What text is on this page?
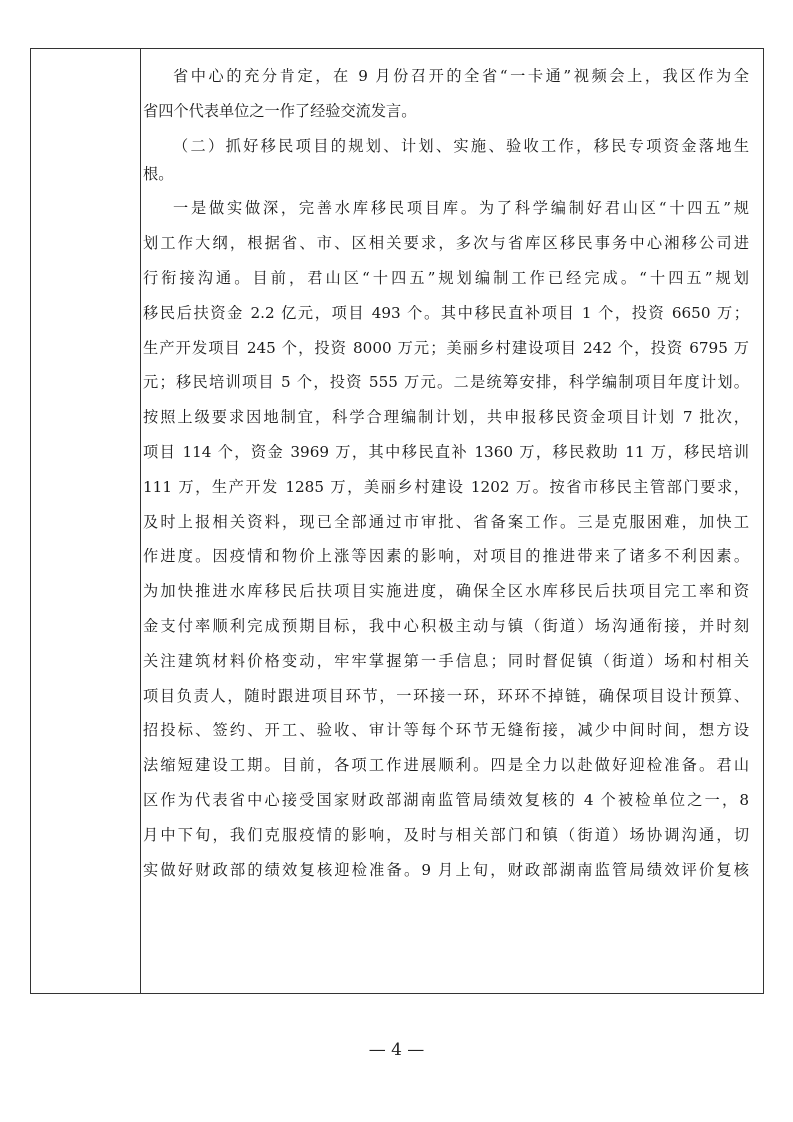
省中心的充分肯定，在 9 月份召开的全省“一卡通”视频会上，我区作为全
省四个代表单位之一作了经验交流发言。
（二）抓好移民项目的规划、计划、实施、验收工作，移民专项资金落地生
根。
一是做实做深，完善水库移民项目库。为了科学编制好君山区“十四五”规
划工作大纲，根据省、市、区相关要求，多次与省库区移民事务中心湘移公司进
行衔接沟通。目前，君山区“十四五”规划编制工作已经完成。“十四五”规划
移民后扶资金 2.2 亿元，项目 493 个。其中移民直补项目 1 个，投资 6650 万；
生产开发项目 245 个，投资 8000 万元；美丽乡村建设项目 242 个，投资 6795 万
元；移民培训项目 5 个，投资 555 万元。二是统筹安排，科学编制项目年度计划。
按照上级要求因地制宜，科学合理编制计划，共申报移民资金项目计划 7 批次，
项目 114 个，资金 3969 万，其中移民直补 1360 万，移民救助 11 万，移民培训
111 万，生产开发 1285 万，美丽乡村建设 1202 万。按省市移民主管部门要求，
及时上报相关资料，现已全部通过市审批、省备案工作。三是克服困难，加快工
作进度。因疫情和物价上涨等因素的影响，对项目的推进带来了诸多不利因素。
为加快推进水库移民后扶项目实施进度，确保全区水库移民后扶项目完工率和资
金支付率顺利完成预期目标，我中心积极主动与镇（街道）场沟通衔接，并时刻
关注建筑材料价格变动，牢牢掌握第一手信息；同时督促镇（街道）场和村相关
项目负责人，随时跟进项目环节，一环接一环，环环不掉链，确保项目设计预算、
招投标、签约、开工、验收、审计等每个环节无缝衔接，减少中间时间，想方设
法缩短建设工期。目前，各项工作进展顺利。四是全力以赴做好迎检准备。君山
区作为代表省中心接受国家财政部湖南监管局绩效复核的 4 个被检单位之一，8
月中下旬，我们克服疫情的影响，及时与相关部门和镇（街道）场协调沟通，切
实做好财政部的绩效复核迎检准备。9 月上旬，财政部湖南监管局绩效评价复核
— 4 —
